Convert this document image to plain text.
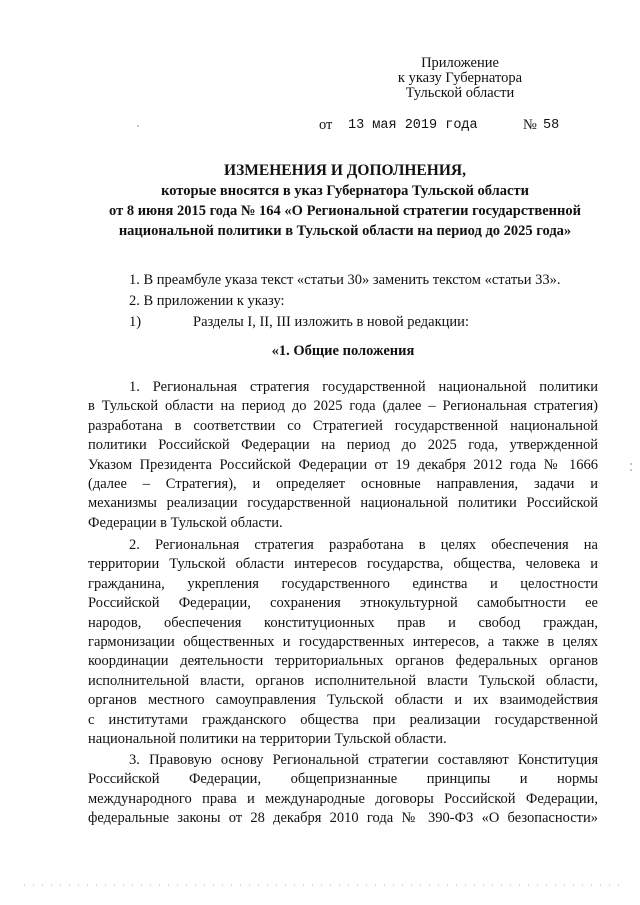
Приложение
к указу Губернатора
Тульской области
от 13 мая 2019 года	№ 58
ИЗМЕНЕНИЯ И ДОПОЛНЕНИЯ,
которые вносятся в указ Губернатора Тульской области
от 8 июня 2015 года № 164 «О Региональной стратегии государственной
национальной политики в Тульской области на период до 2025 года»
1. В преамбуле указа текст «статьи 30» заменить текстом «статьи 33».
2. В приложении к указу:
1)	Разделы I, II, III изложить в новой редакции:
«1. Общие положения
1. Региональная стратегия государственной национальной политики
в Тульской области на период до 2025 года (далее – Региональная стратегия)
разработана в соответствии со Стратегией государственной национальной
политики Российской Федерации на период до 2025 года, утвержденной
Указом Президента Российской Федерации от 19 декабря 2012 года № 1666
(далее – Стратегия), и определяет основные направления, задачи и
механизмы реализации государственной национальной политики Российской
Федерации в Тульской области.
2. Региональная стратегия разработана в целях обеспечения на
территории Тульской области интересов государства, общества, человека и
гражданина, укрепления государственного единства и целостности
Российской Федерации, сохранения этнокультурной самобытности ее
народов, обеспечения конституционных прав и свобод граждан,
гармонизации общественных и государственных интересов, а также в целях
координации деятельности территориальных органов федеральных органов
исполнительной власти, органов исполнительной власти Тульской области,
органов местного самоуправления Тульской области и их взаимодействия
с институтами гражданского общества при реализации государственной
национальной политики на территории Тульской области.
3. Правовую основу Региональной стратегии составляют Конституция
Российской Федерации, общепризнанные принципы и нормы
международного права и международные договоры Российской Федерации,
федеральные законы от 28 декабря 2010 года № 390-ФЗ «О безопасности»
